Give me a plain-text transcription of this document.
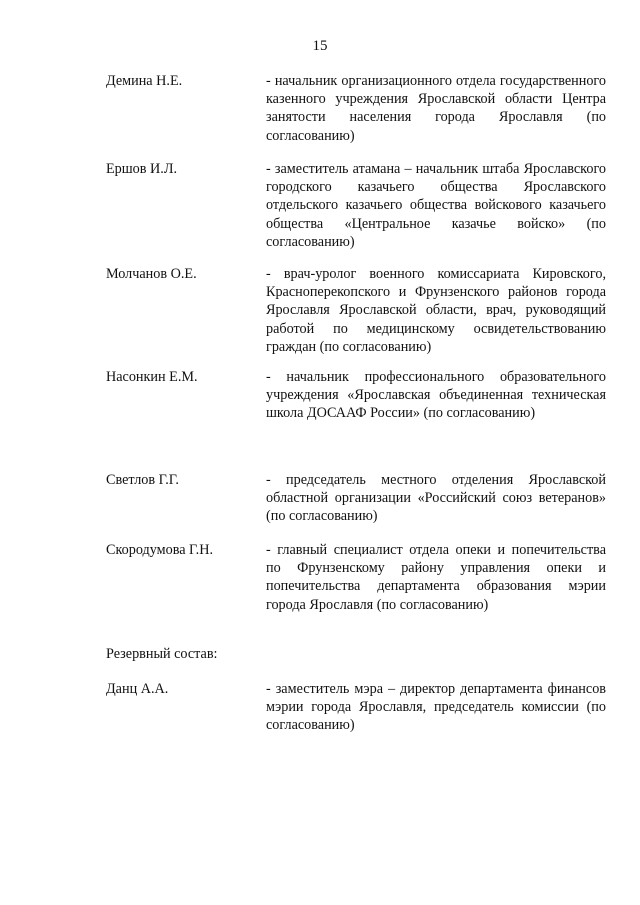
15
Демина Н.Е.	- начальник организационного отдела государственного казенного учреждения Ярославской области Центра занятости населения города Ярославля (по согласованию)
Ершов И.Л.	- заместитель атамана – начальник штаба Ярославского городского казачьего общества Ярославского отдельского казачьего общества войскового казачьего общества «Центральное казачье войско» (по согласованию)
Молчанов О.Е.	- врач-уролог военного комиссариата Кировского, Красноперекопского и Фрунзенского районов города Ярославля Ярославской области, врач, руководящий работой по медицинскому освидетельствованию граждан (по согласованию)
Насонкин Е.М.	- начальник профессионального образовательного учреждения «Ярославская объединенная техническая школа ДОСААФ России» (по согласованию)
Светлов Г.Г.	- председатель местного отделения Ярославской областной организации «Российский союз ветеранов» (по согласованию)
Скородумова Г.Н.	- главный специалист отдела опеки и попечительства по Фрунзенскому району управления опеки и попечительства департамента образования мэрии города Ярославля (по согласованию)
Резервный состав:
Данц А.А.	- заместитель мэра – директор департамента финансов мэрии города Ярославля, председатель комиссии (по согласованию)
